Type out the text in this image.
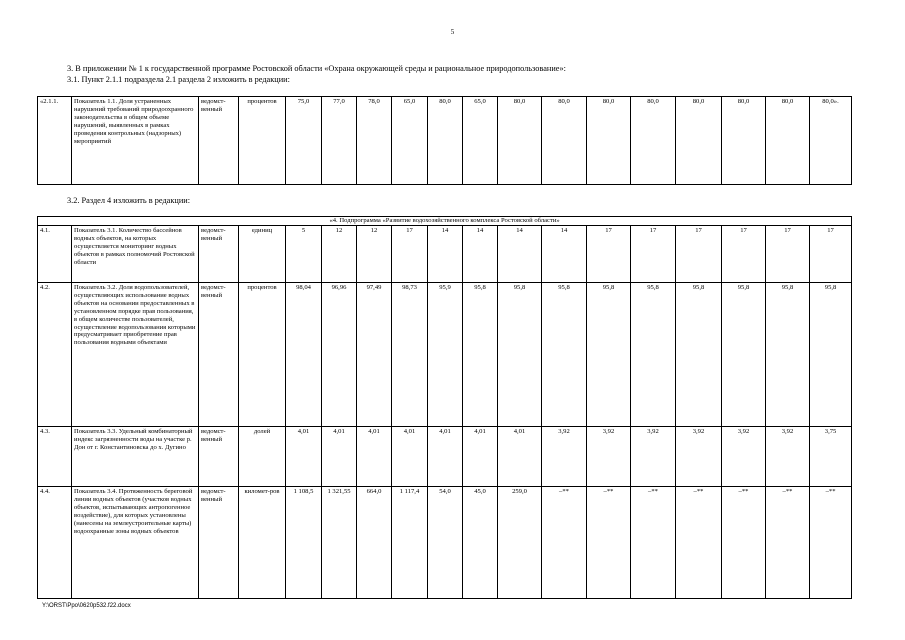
5
3. В приложении № 1 к государственной программе Ростовской области «Охрана окружающей среды и рациональное природопользование»:
3.1. Пункт 2.1.1 подраздела 2.1 раздела 2 изложить в редакции:
«2.1.1.	Показатель 1.1. Доля устраненных нарушений требований природоохранного законодательства в общем объеме нарушений, выявленных в рамках проведения контрольных (надзорных) мероприятий	ведомст-венный	процентов	75,0	77,0	78,0	65,0	80,0	65,0	80,0	80,0	80,0	80,0	80,0	80,0	80,0	80,0».
3.2. Раздел 4 изложить в редакции:
«4. Подпрограмма «Развитие водохозяйственного комплекса Ростовской области»																	
4.1.	Показатель 3.1. Количество бассейнов водных объектов, на которых осуществляется мониторинг водных объектов в рамках полномочий Ростовской области	ведомст-венный	единиц	5	12	12	17	14	14	14	14	17	17	17	17	17	17
4.2.	Показатель 3.2. Доля водопользователей, осуществляющих использование водных объектов на основании предоставленных в установленном порядке прав пользования, в общем количестве пользователей, осуществление водопользования которыми предусматривает приобретение прав пользования водными объектами	ведомст-венный	процентов	98,04	96,96	97,49	98,73	95,9	95,8	95,8	95,8	95,8	95,8	95,8	95,8	95,8	95,8
4.3.	Показатель 3.3. Удельный комбинаторный индекс загрязненности воды на участке р. Дон от г. Константиновска до х. Дугино	ведомст-венный	долей	4,01	4,01	4,01	4,01	4,01	4,01	4,01	3,92	3,92	3,92	3,92	3,92	3,92	3,75
4.4.	Показатель 3.4. Протяженность береговой линии водных объектов (участков водных объектов, испытывающих антропогенное воздействие), для которых установлены (нанесены на землеустроительные карты) водоохранные зоны водных объектов	ведомст-венный	километ-ров	1 108,5	1 321,55	664,0	1 117,4	54,0	45,0	259,0	–**	–**	–**	–**	–**	–**	–**
Y:\ORST\Ppo\0620p532.f22.docx
